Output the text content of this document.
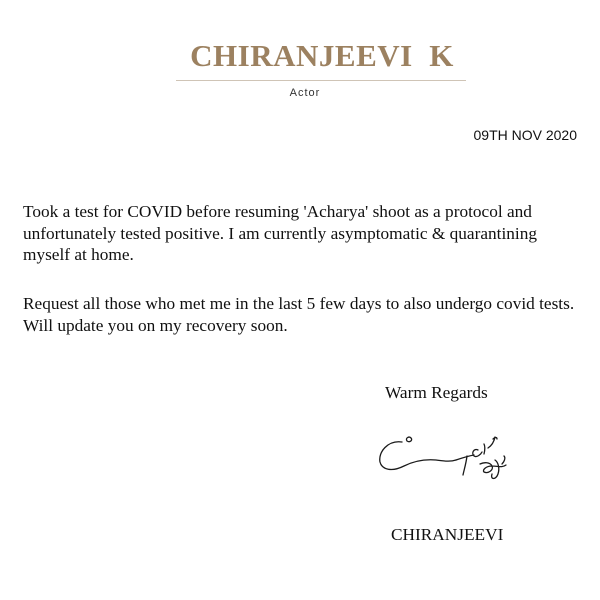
CHIRANJEEVI  K
Actor
09TH NOV 2020

Took a test for COVID before resuming 'Acharya' shoot as a protocol and unfortunately tested positive. I am currently asymptomatic & quarantining myself at home.

Request all those who met me in the last 5 few days to also undergo covid tests. Will update you on my recovery soon.

Warm Regards
CHIRANJEEVI
